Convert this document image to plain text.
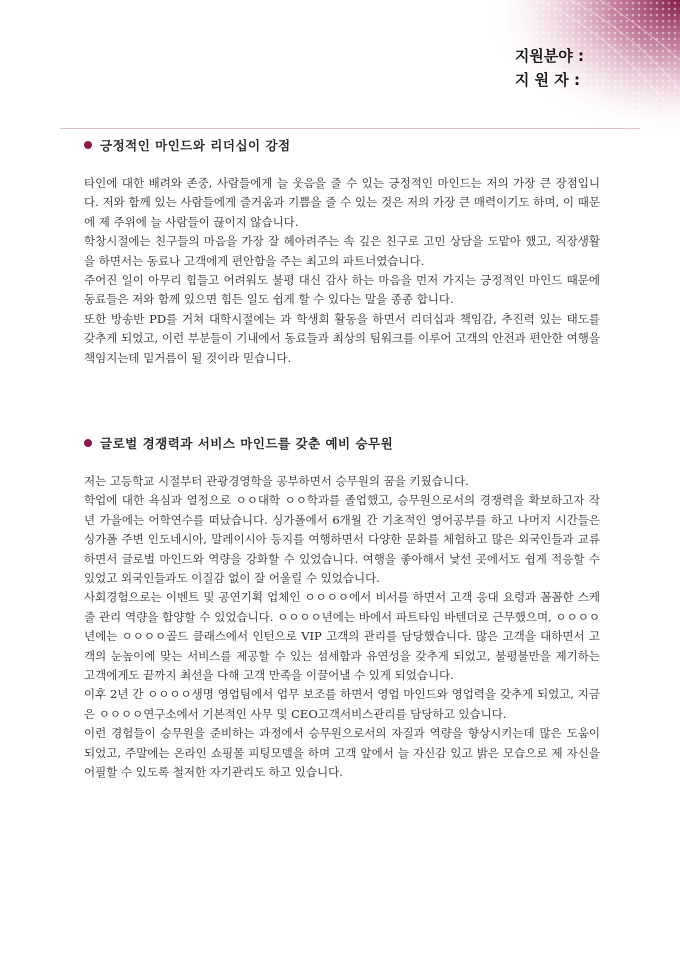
지원분야 :
지 원 자 :
긍정적인 마인드와 리더십이 강점

타인에 대한 배려와 존중, 사람들에게 늘 웃음을 줄 수 있는 긍정적인 마인드는 저의 가장 큰 장점입니다. 저와 함께 있는 사람들에게 즐거움과 기쁨을 줄 수 있는 것은 저의 가장 큰 매력이기도 하며, 이 때문에 제 주위에 늘 사람들이 끊이지 않습니다.

학창시절에는 친구들의 마음을 가장 잘 헤아려주는 속 깊은 친구로 고민 상담을 도맡아 했고, 직장생활을 하면서는 동료나 고객에게 편안함을 주는 최고의 파트너였습니다.

주어진 일이 아무리 힘들고 어려워도 불평 대신 감사 하는 마음을 먼저 가지는 긍정적인 마인드 때문에 동료들은 저와 함께 있으면 힘든 일도 쉽게 할 수 있다는 말을 종종 합니다.

또한 방송반 PD를 거쳐 대학시절에는 과 학생회 활동을 하면서 리더십과 책임감, 추진력 있는 태도를 갖추게 되었고, 이런 부분들이 기내에서 동료들과 최상의 팀워크를 이루어 고객의 안전과 편안한 여행을 책임지는데 밑거름이 될 것이라 믿습니다.

글로벌 경쟁력과 서비스 마인드를 갖춘 예비 승무원

저는 고등학교 시절부터 관광경영학을 공부하면서 승무원의 꿈을 키웠습니다.

학업에 대한 욕심과 열정으로 ㅇㅇ대학 ㅇㅇ학과를 졸업했고, 승무원으로서의 경쟁력을 확보하고자 작년 가을에는 어학연수를 떠났습니다. 싱가폴에서 6개월 간 기초적인 영어공부를 하고 나머지 시간들은 싱가폴 주변 인도네시아, 말레이시아 등지를 여행하면서 다양한 문화를 체험하고 많은 외국인들과 교류하면서 글로벌 마인드와 역량을 강화할 수 있었습니다. 여행을 좋아해서 낯선 곳에서도 쉽게 적응할 수 있었고 외국인들과도 이질감 없이 잘 어울릴 수 있었습니다.

사회경험으로는 이벤트 및 공연기획 업체인 ㅇㅇㅇㅇ에서 비서를 하면서 고객 응대 요령과 꼼꼼한 스케줄 관리 역량을 함양할 수 있었습니다. ㅇㅇㅇㅇ년에는 바에서 파트타임 바텐더로 근무했으며, ㅇㅇㅇㅇ년에는 ㅇㅇㅇㅇ골드 클래스에서 인턴으로 VIP 고객의 관리를 담당했습니다. 많은 고객을 대하면서 고객의 눈높이에 맞는 서비스를 제공할 수 있는 섬세함과 유연성을 갖추게 되었고, 불평불만을 제기하는 고객에게도 끝까지 최선을 다해 고객 만족을 이끌어낼 수 있게 되었습니다.

이후 2년 간 ㅇㅇㅇㅇ생명 영업팀에서 업무 보조를 하면서 영업 마인드와 영업력을 갖추게 되었고, 지금은 ㅇㅇㅇㅇ연구소에서 기본적인 사무 및 CEO고객서비스관리를 담당하고 있습니다.

이런 경험들이 승무원을 준비하는 과정에서 승무원으로서의 자질과 역량을 향상시키는데 많은 도움이 되었고, 주말에는 온라인 쇼핑몰 피팅모델을 하며 고객 앞에서 늘 자신감 있고 밝은 모습으로 제 자신을 어필할 수 있도록 철저한 자기관리도 하고 있습니다.
